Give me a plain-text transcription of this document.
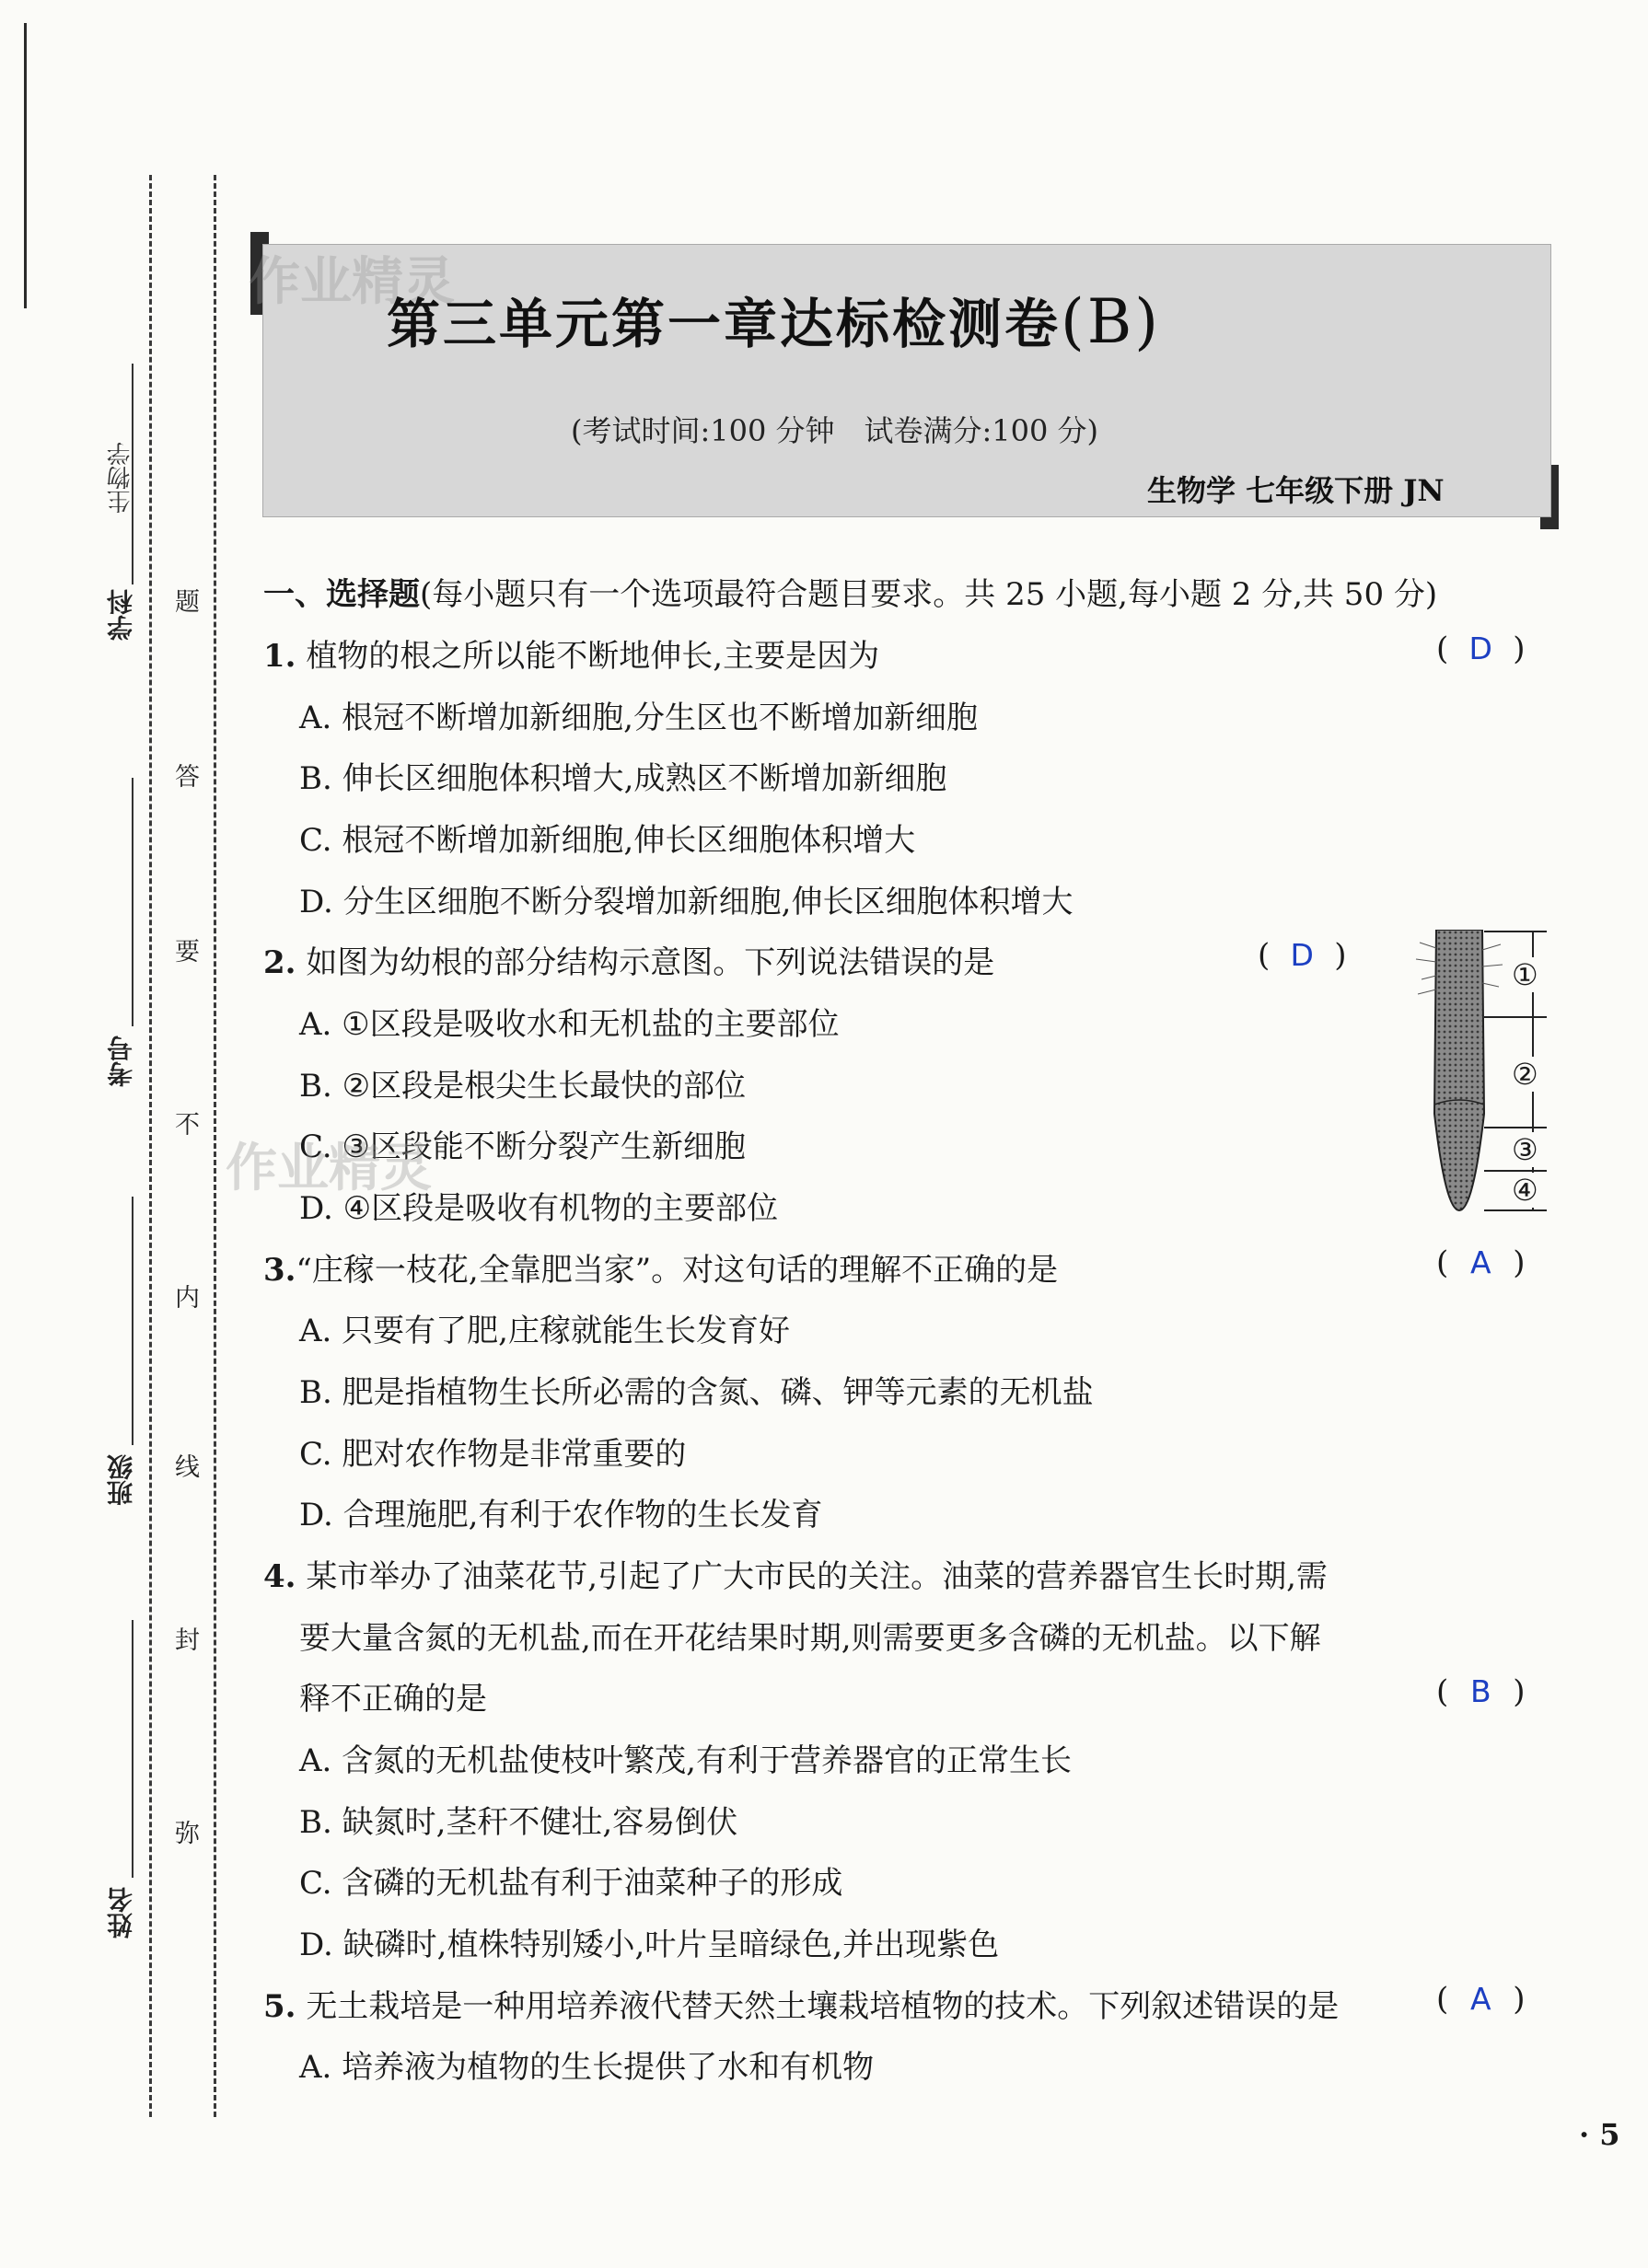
学科
生物学
考号
班级
姓名
题
答
要
不
内
线
封
弥
作业精灵
第三单元第一章达标检测卷(B)
(考试时间:100 分钟　试卷满分:100 分)
生物学 七年级下册 JN
一、选择题(每小题只有一个选项最符合题目要求。共 25 小题,每小题 2 分,共 50 分)
1. 植物的根之所以能不断地伸长,主要是因为	( D )
A. 根冠不断增加新细胞,分生区也不断增加新细胞
B. 伸长区细胞体积增大,成熟区不断增加新细胞
C. 根冠不断增加新细胞,伸长区细胞体积增大
D. 分生区细胞不断分裂增加新细胞,伸长区细胞体积增大
2. 如图为幼根的部分结构示意图。下列说法错误的是	( D )
A. ①区段是吸收水和无机盐的主要部位
B. ②区段是根尖生长最快的部位
C. ③区段能不断分裂产生新细胞
D. ④区段是吸收有机物的主要部位
作业精灵
①
②
③
④
3.“庄稼一枝花,全靠肥当家”。对这句话的理解不正确的是	( A )
A. 只要有了肥,庄稼就能生长发育好
B. 肥是指植物生长所必需的含氮、磷、钾等元素的无机盐
C. 肥对农作物是非常重要的
D. 合理施肥,有利于农作物的生长发育
4. 某市举办了油菜花节,引起了广大市民的关注。油菜的营养器官生长时期,需
要大量含氮的无机盐,而在开花结果时期,则需要更多含磷的无机盐。以下解
释不正确的是	( B )
A. 含氮的无机盐使枝叶繁茂,有利于营养器官的正常生长
B. 缺氮时,茎秆不健壮,容易倒伏
C. 含磷的无机盐有利于油菜种子的形成
D. 缺磷时,植株特别矮小,叶片呈暗绿色,并出现紫色
5. 无土栽培是一种用培养液代替天然土壤栽培植物的技术。下列叙述错误的是	( A )
A. 培养液为植物的生长提供了水和有机物
· 5
